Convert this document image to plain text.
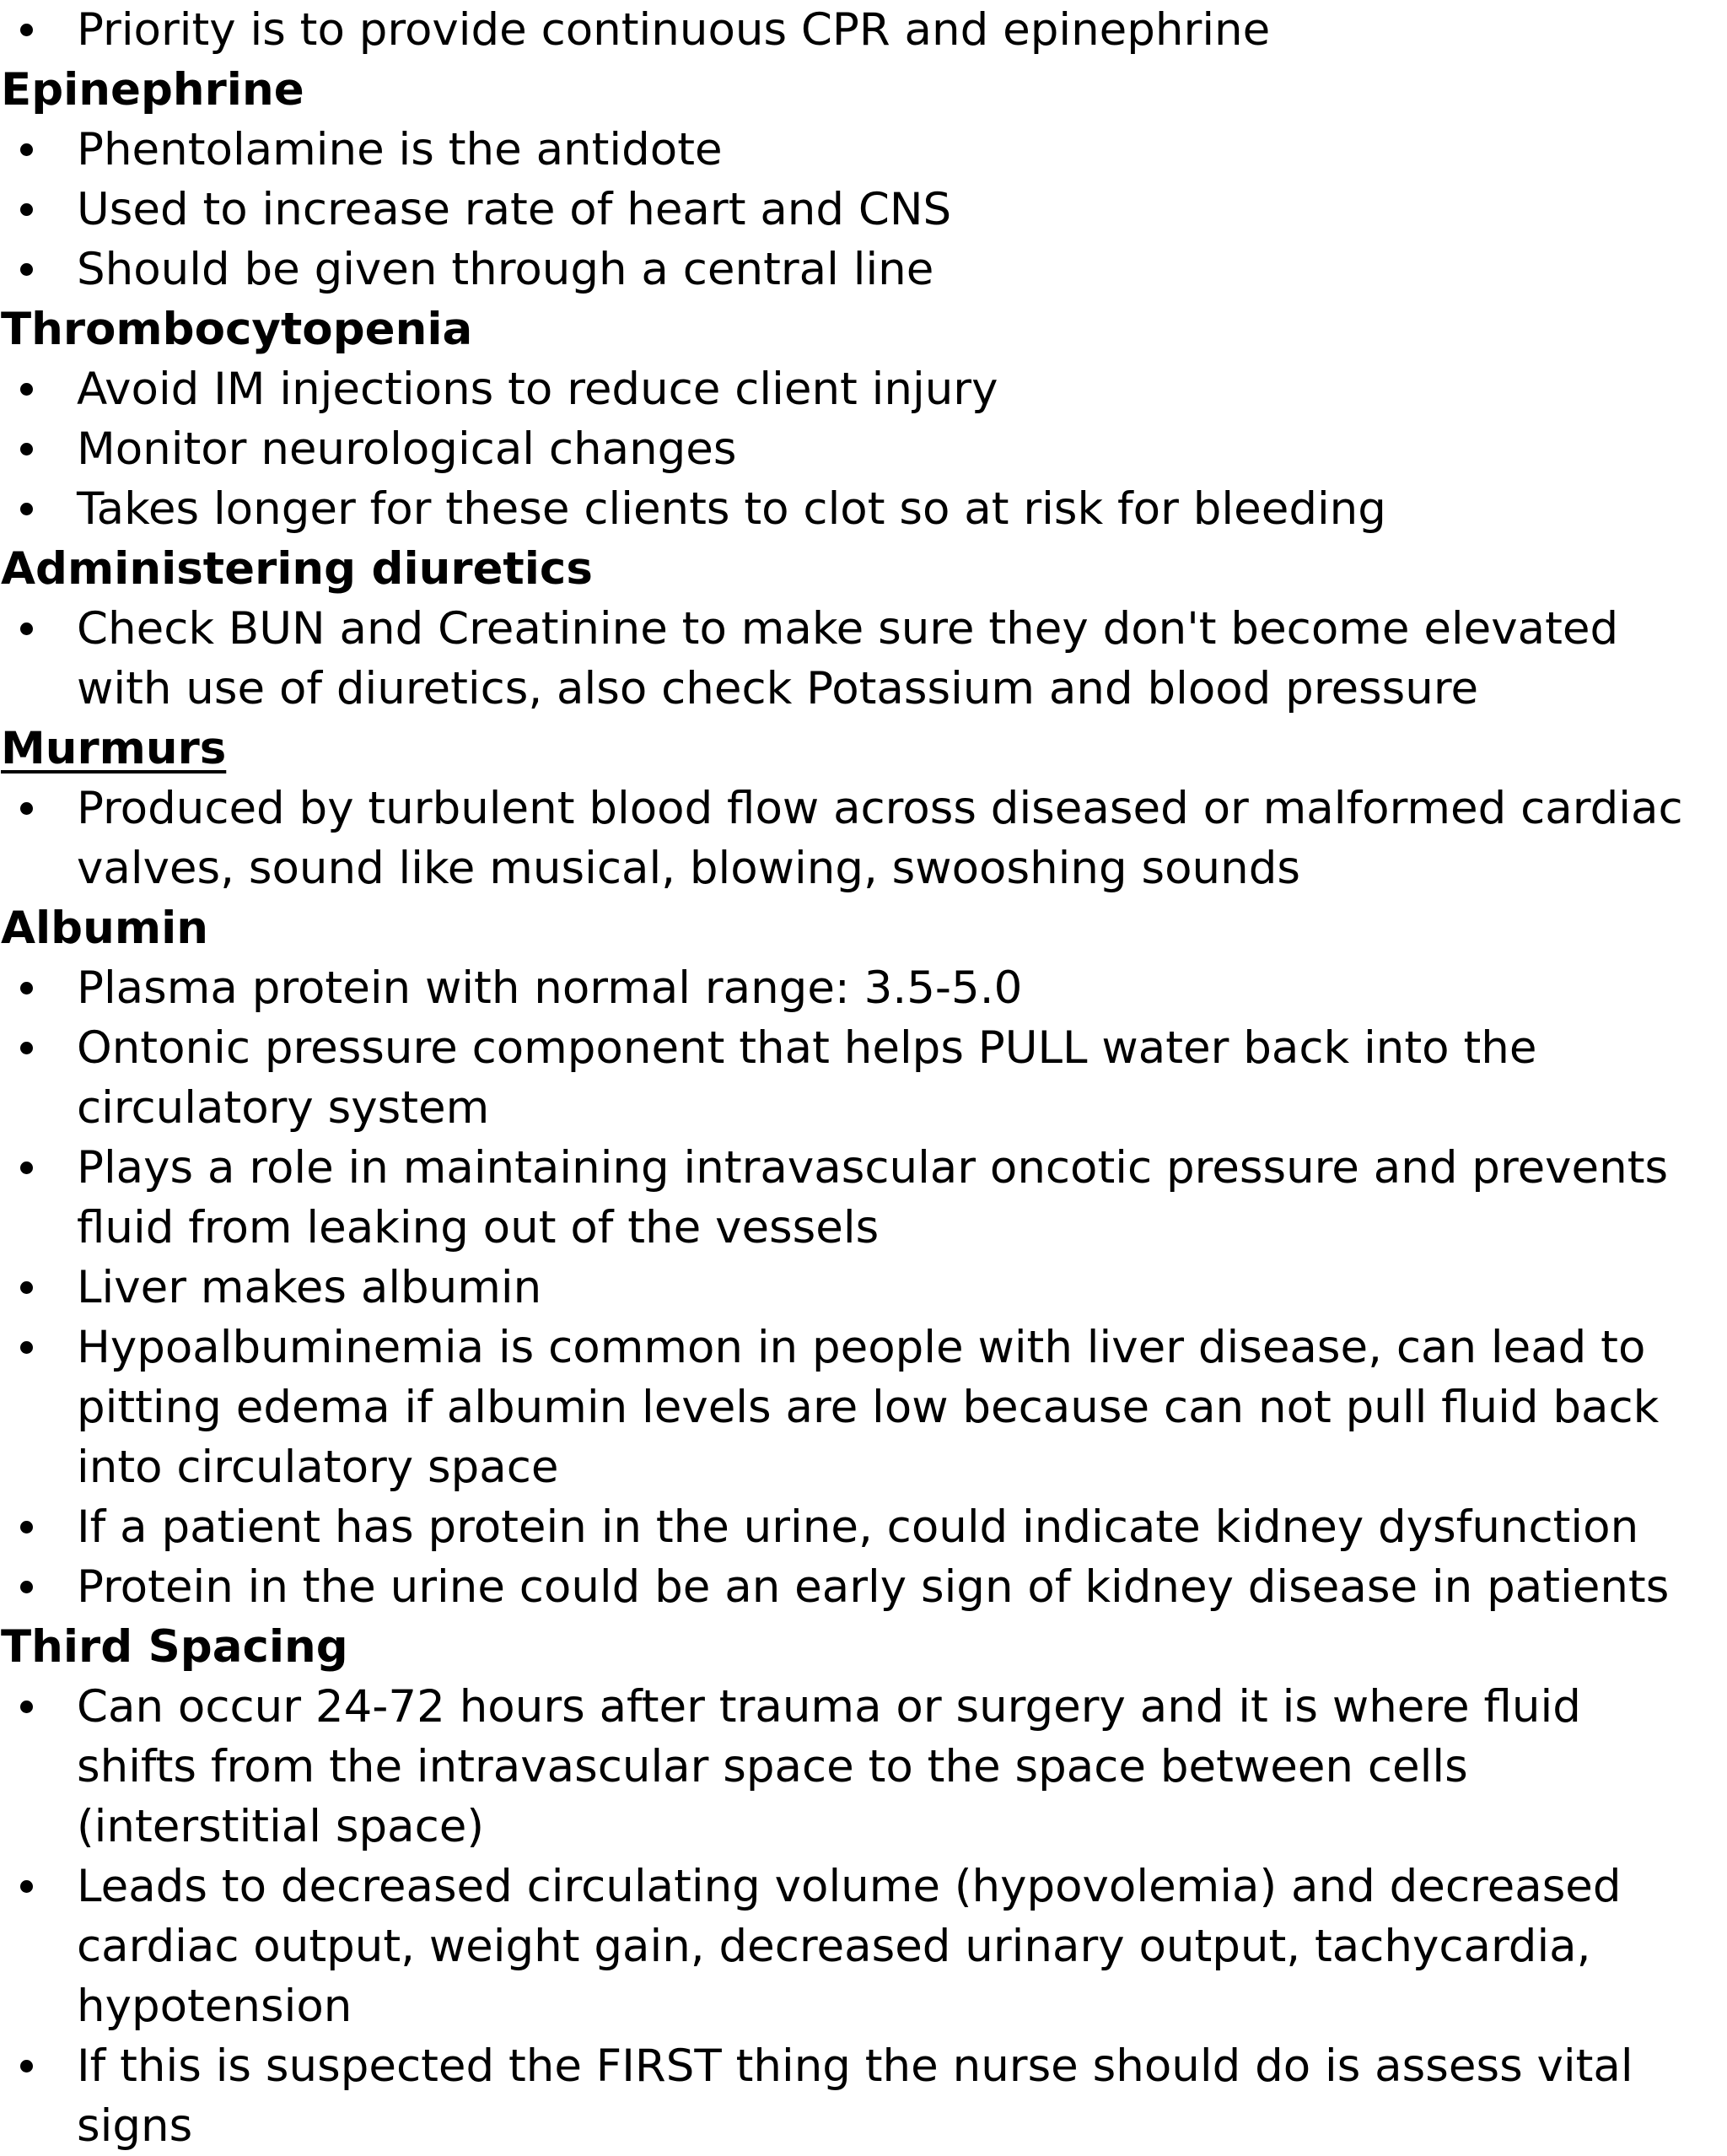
Priority is to provide continuous CPR and epinephrine
Epinephrine
Phentolamine is the antidote
Used to increase rate of heart and CNS
Should be given through a central line
Thrombocytopenia
Avoid IM injections to reduce client injury
Monitor neurological changes
Takes longer for these clients to clot so at risk for bleeding
Administering diuretics
Check BUN and Creatinine to make sure they don't become elevated with use of diuretics, also check Potassium and blood pressure
Murmurs
Produced by turbulent blood flow across diseased or malformed cardiac valves, sound like musical, blowing, swooshing sounds
Albumin
Plasma protein with normal range: 3.5-5.0
Ontonic pressure component that helps PULL water back into the circulatory system
Plays a role in maintaining intravascular oncotic pressure and prevents fluid from leaking out of the vessels
Liver makes albumin
Hypoalbuminemia is common in people with liver disease, can lead to pitting edema if albumin levels are low because can not pull fluid back into circulatory space
If a patient has protein in the urine, could indicate kidney dysfunction
Protein in the urine could be an early sign of kidney disease in patients
Third Spacing
Can occur 24-72 hours after trauma or surgery and it is where fluid shifts from the intravascular space to the space between cells (interstitial space)
Leads to decreased circulating volume (hypovolemia) and decreased cardiac output, weight gain, decreased urinary output, tachycardia, hypotension
If this is suspected the FIRST thing the nurse should do is assess vital signs
